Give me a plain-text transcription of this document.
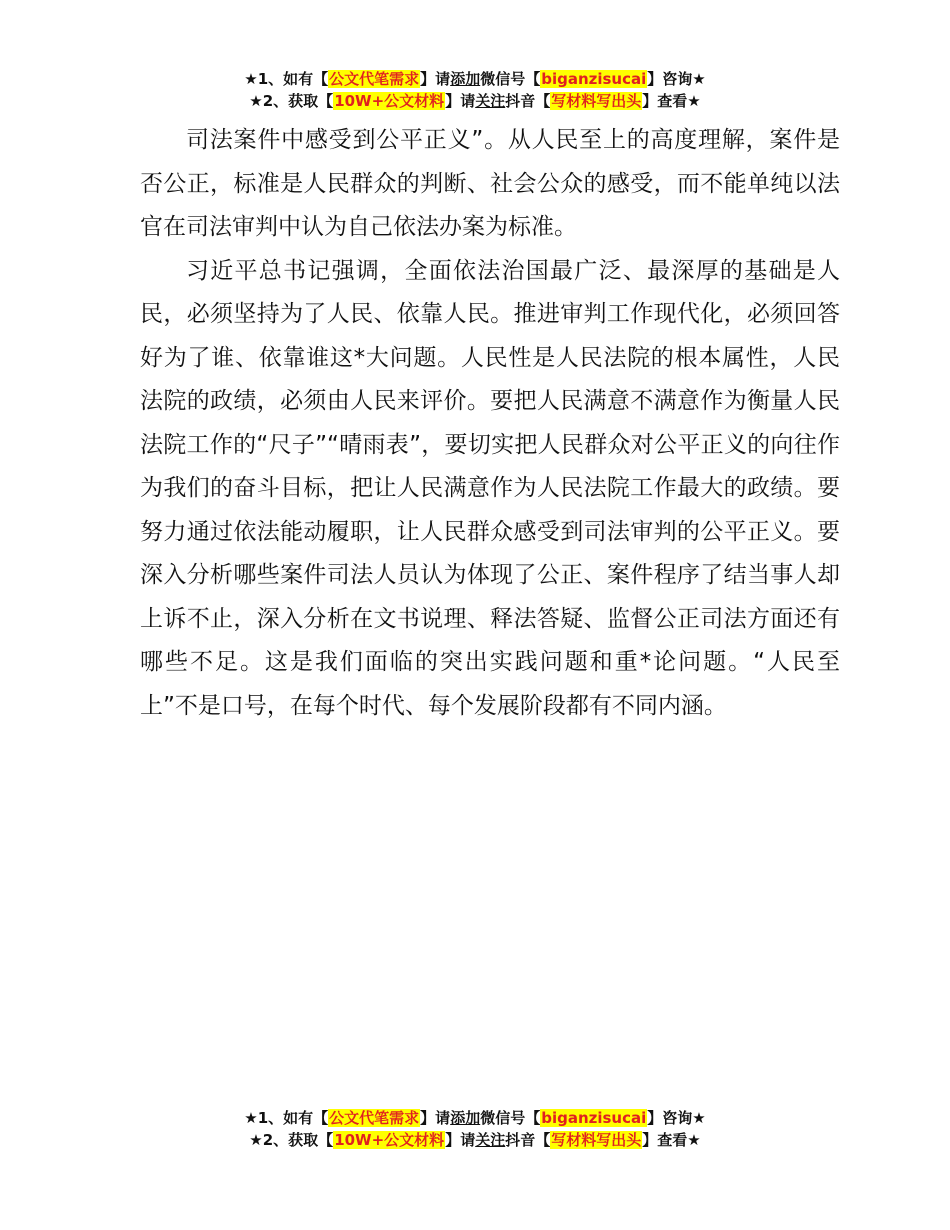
★1、如有【公文代笔需求】请添加微信号【biganzisucai】咨询★
★2、获取【10W+公文材料】请关注抖音【写材料写出头】查看★

司法案件中感受到公平正义”。从人民至上的高度理解，案件是否公正，标准是人民群众的判断、社会公众的感受，而不能单纯以法官在司法审判中认为自己依法办案为标准。

习近平总书记强调，全面依法治国最广泛、最深厚的基础是人民，必须坚持为了人民、依靠人民。推进审判工作现代化，必须回答好为了谁、依靠谁这*大问题。人民性是人民法院的根本属性，人民法院的政绩，必须由人民来评价。要把人民满意不满意作为衡量人民法院工作的“尺子”“晴雨表”，要切实把人民群众对公平正义的向往作为我们的奋斗目标，把让人民满意作为人民法院工作最大的政绩。要努力通过依法能动履职，让人民群众感受到司法审判的公平正义。要深入分析哪些案件司法人员认为体现了公正、案件程序了结当事人却上诉不止，深入分析在文书说理、释法答疑、监督公正司法方面还有哪些不足。这是我们面临的突出实践问题和重*论问题。“人民至上”不是口号，在每个时代、每个发展阶段都有不同内涵。

★1、如有【公文代笔需求】请添加微信号【biganzisucai】咨询★
★2、获取【10W+公文材料】请关注抖音【写材料写出头】查看★
